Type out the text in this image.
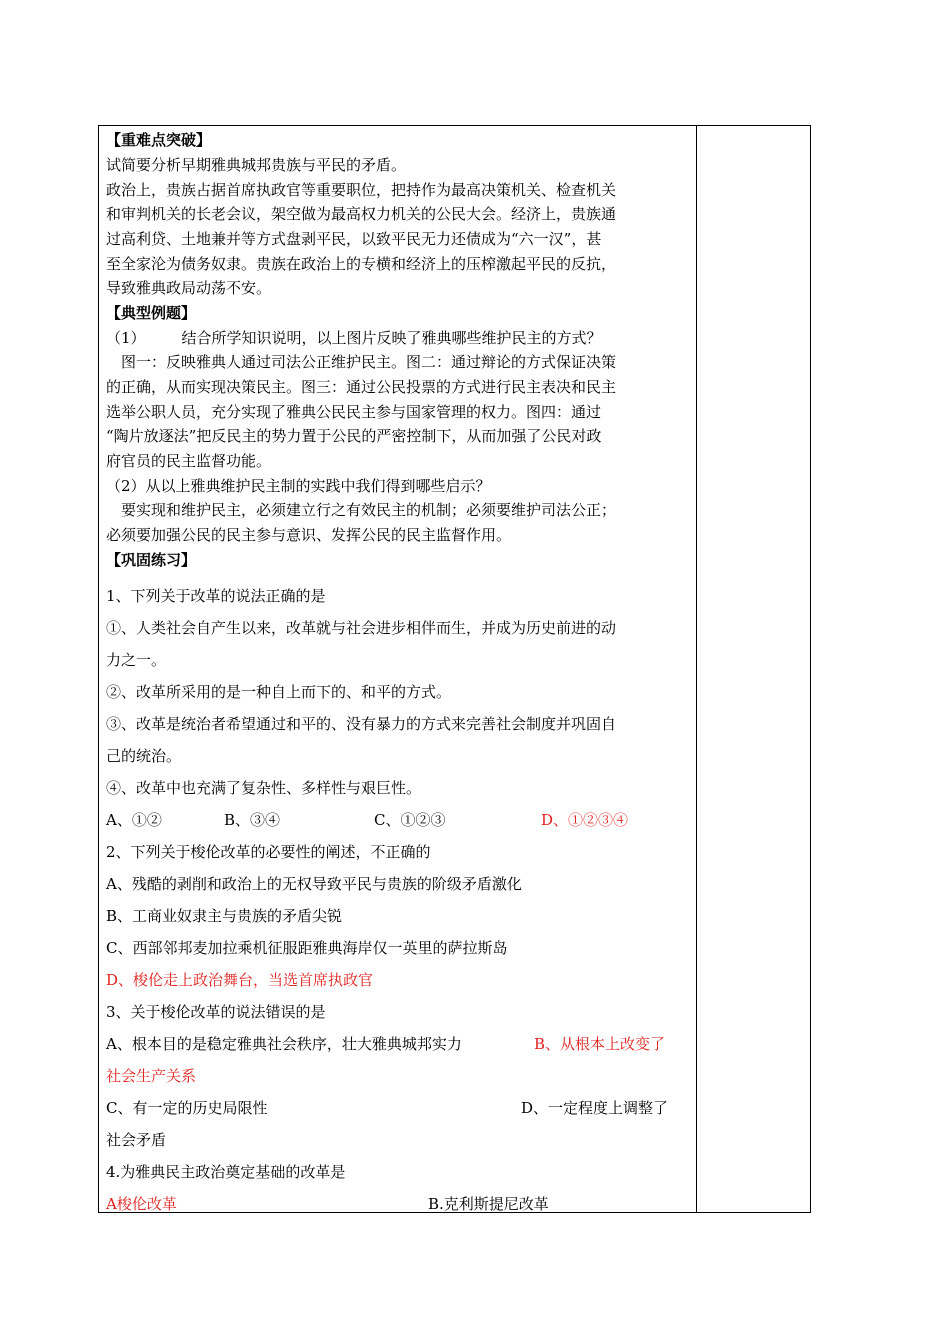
【重难点突破】
试简要分析早期雅典城邦贵族与平民的矛盾。
政治上，贵族占据首席执政官等重要职位，把持作为最高决策机关、检查机关
和审判机关的长老会议，架空做为最高权力机关的公民大会。经济上，贵族通
过高利贷、土地兼并等方式盘剥平民，以致平民无力还债成为“六一汉”，甚
至全家沦为债务奴隶。贵族在政治上的专横和经济上的压榨激起平民的反抗，
导致雅典政局动荡不安。
【典型例题】
（1） 结合所学知识说明，以上图片反映了雅典哪些维护民主的方式？
图一：反映雅典人通过司法公正维护民主。图二：通过辩论的方式保证决策
的正确，从而实现决策民主。图三：通过公民投票的方式进行民主表决和民主
选举公职人员，充分实现了雅典公民民主参与国家管理的权力。图四：通过
“陶片放逐法”把反民主的势力置于公民的严密控制下，从而加强了公民对政
府官员的民主监督功能。
（2）从以上雅典维护民主制的实践中我们得到哪些启示？
要实现和维护民主，必须建立行之有效民主的机制；必须要维护司法公正；
必须要加强公民的民主参与意识、发挥公民的民主监督作用。
【巩固练习】
1、下列关于改革的说法正确的是
①、人类社会自产生以来，改革就与社会进步相伴而生，并成为历史前进的动
力之一。
②、改革所采用的是一种自上而下的、和平的方式。
③、改革是统治者希望通过和平的、没有暴力的方式来完善社会制度并巩固自
己的统治。
④、改革中也充满了复杂性、多样性与艰巨性。
A、①②	B、③④	C、①②③	D、①②③④
2、下列关于梭伦改革的必要性的阐述，不正确的
A、残酷的剥削和政治上的无权导致平民与贵族的阶级矛盾激化
B、工商业奴隶主与贵族的矛盾尖锐
C、西部邻邦麦加拉乘机征服距雅典海岸仅一英里的萨拉斯岛
D、梭伦走上政治舞台，当选首席执政官
3、关于梭伦改革的说法错误的是
A、根本目的是稳定雅典社会秩序，壮大雅典城邦实力	B、从根本上改变了
社会生产关系
C、有一定的历史局限性	D、一定程度上调整了
社会矛盾
4.为雅典民主政治奠定基础的改革是
A梭伦改革	B.克利斯提尼改革
